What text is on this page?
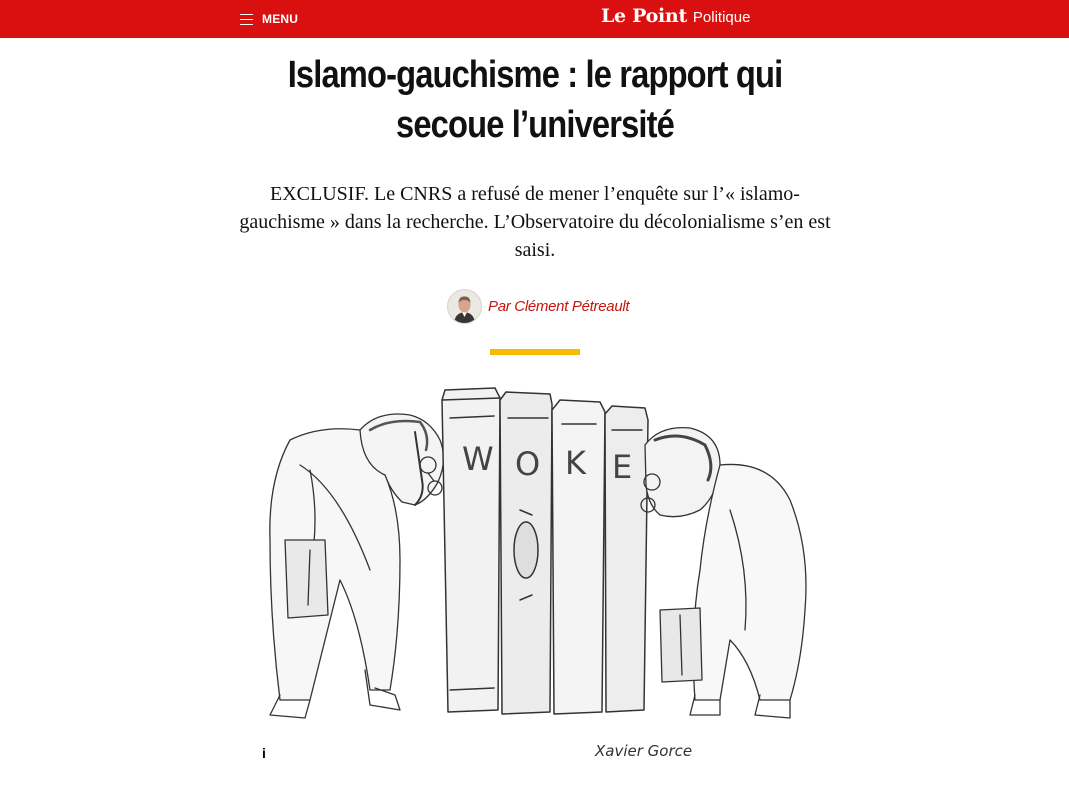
MENU	Le Point Politique
Islamo-gauchisme : le rapport qui secoue l’université

EXCLUSIF. Le CNRS a refusé de mener l’enquête sur l’« islamo-gauchisme » dans la recherche. L’Observatoire du décolonialisme s’en est saisi.

Par Clément Pétreault
W O K E
Xavier Gorce
i
